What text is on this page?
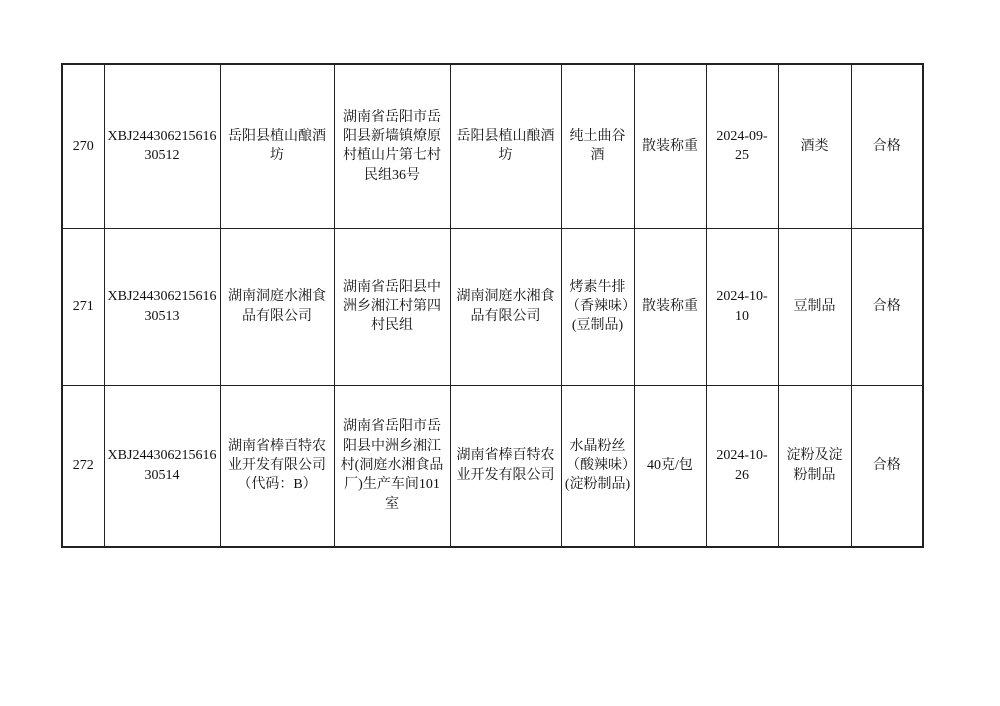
270	XBJ24430621561630512	岳阳县植山酿酒坊	湖南省岳阳市岳阳县新墙镇燎原村植山片第七村民组36号	岳阳县植山酿酒坊	纯土曲谷酒	散装称重	2024-09-25	酒类	合格
271	XBJ24430621561630513	湖南洞庭水湘食品有限公司	湖南省岳阳县中洲乡湘江村第四村民组	湖南洞庭水湘食品有限公司	烤素牛排（香辣味）(豆制品)	散装称重	2024-10-10	豆制品	合格
272	XBJ24430621561630514	湖南省棒百特农业开发有限公司（代码：B）	湖南省岳阳市岳阳县中洲乡湘江村(洞庭水湘食品厂)生产车间101室	湖南省棒百特农业开发有限公司	水晶粉丝（酸辣味）(淀粉制品)	40克/包	2024-10-26	淀粉及淀粉制品	合格
